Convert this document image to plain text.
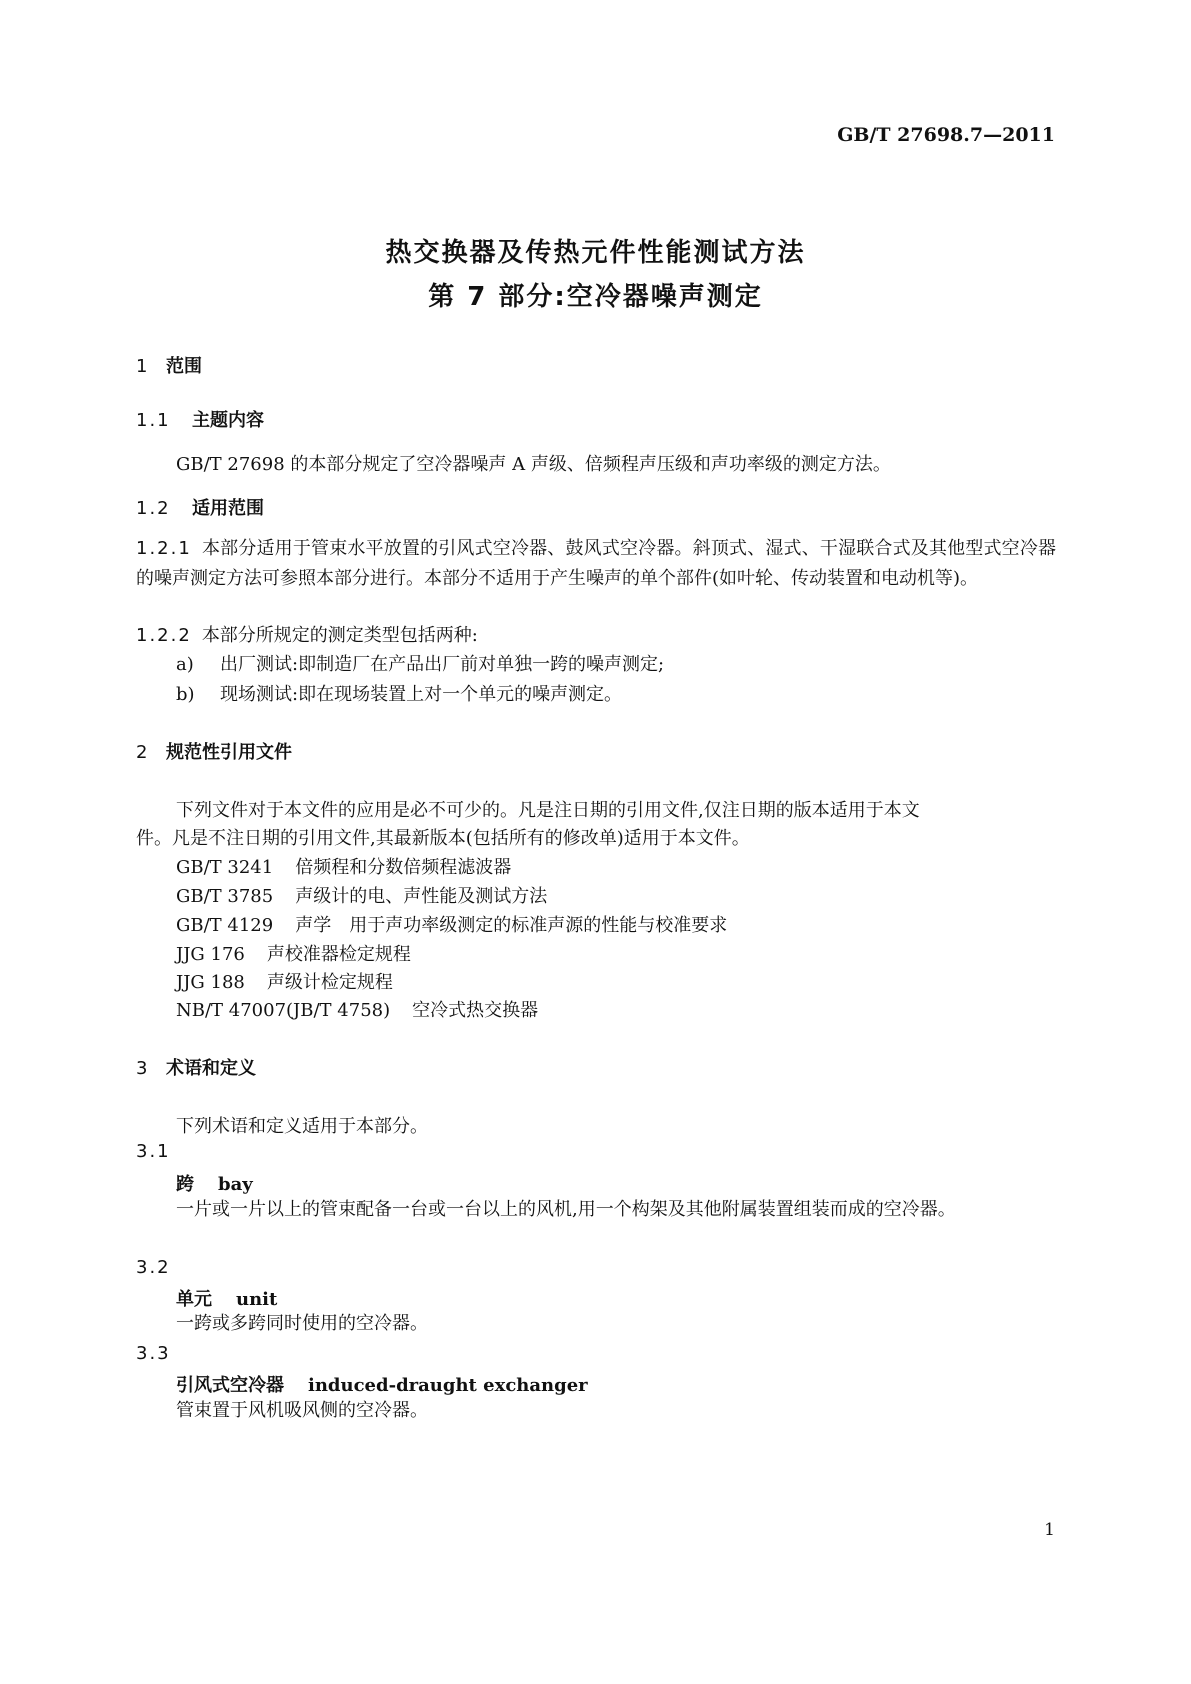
GB/T 27698.7—2011
热交换器及传热元件性能测试方法
第 7 部分:空冷器噪声测定
1 范围
1.1 主题内容
GB/T 27698 的本部分规定了空冷器噪声 A 声级、倍频程声压级和声功率级的测定方法。
1.2 适用范围
1.2.1 本部分适用于管束水平放置的引风式空冷器、鼓风式空冷器。斜顶式、湿式、干湿联合式及其他型式空冷器的噪声测定方法可参照本部分进行。本部分不适用于产生噪声的单个部件(如叶轮、传动装置和电动机等)。
1.2.2 本部分所规定的测定类型包括两种:
a) 出厂测试:即制造厂在产品出厂前对单独一跨的噪声测定;
b) 现场测试:即在现场装置上对一个单元的噪声测定。
2 规范性引用文件
下列文件对于本文件的应用是必不可少的。凡是注日期的引用文件,仅注日期的版本适用于本文
件。凡是不注日期的引用文件,其最新版本(包括所有的修改单)适用于本文件。
GB/T 3241 倍频程和分数倍频程滤波器
GB/T 3785 声级计的电、声性能及测试方法
GB/T 4129 声学　用于声功率级测定的标准声源的性能与校准要求
JJG 176 声校准器检定规程
JJG 188 声级计检定规程
NB/T 47007(JB/T 4758) 空冷式热交换器
3 术语和定义
下列术语和定义适用于本部分。
3.1
跨 bay
一片或一片以上的管束配备一台或一台以上的风机,用一个构架及其他附属装置组装而成的空冷器。
3.2
单元 unit
一跨或多跨同时使用的空冷器。
3.3
引风式空冷器 induced-draught exchanger
管束置于风机吸风侧的空冷器。
1
